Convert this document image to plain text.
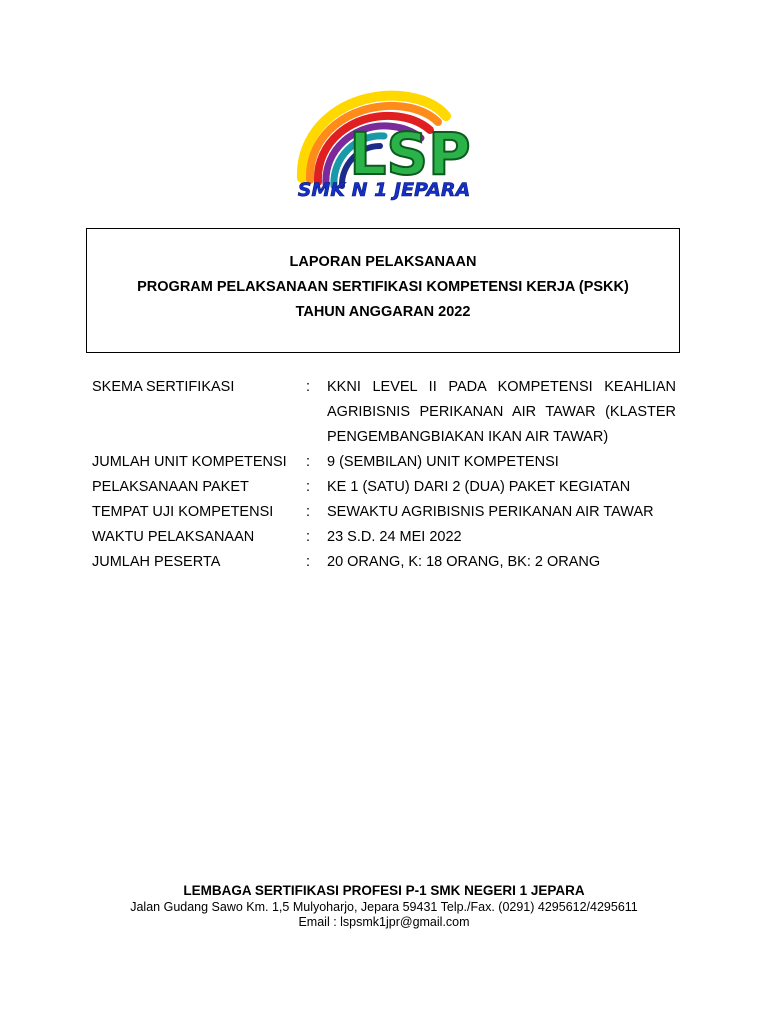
LSP
SMK N 1 JEPARA
LAPORAN PELAKSANAAN
PROGRAM PELAKSANAAN SERTIFIKASI KOMPETENSI KERJA (PSKK)
TAHUN ANGGARAN 2022
SKEMA SERTIFIKASI	:	KKNI LEVEL II PADA KOMPETENSI KEAHLIAN AGRIBISNIS PERIKANAN AIR TAWAR (KLASTER PENGEMBANGBIAKAN IKAN AIR TAWAR)
JUMLAH UNIT KOMPETENSI	:	9 (SEMBILAN) UNIT KOMPETENSI
PELAKSANAAN PAKET	:	KE 1 (SATU) DARI 2 (DUA) PAKET KEGIATAN
TEMPAT UJI KOMPETENSI	:	SEWAKTU AGRIBISNIS PERIKANAN AIR TAWAR
WAKTU PELAKSANAAN	:	23 S.D. 24 MEI 2022
JUMLAH PESERTA	:	20 ORANG, K: 18 ORANG, BK: 2 ORANG
LEMBAGA SERTIFIKASI PROFESI P-1 SMK NEGERI 1 JEPARA
Jalan Gudang Sawo Km. 1,5 Mulyoharjo, Jepara 59431 Telp./Fax. (0291) 4295612/4295611
Email : lspsmk1jpr@gmail.com
